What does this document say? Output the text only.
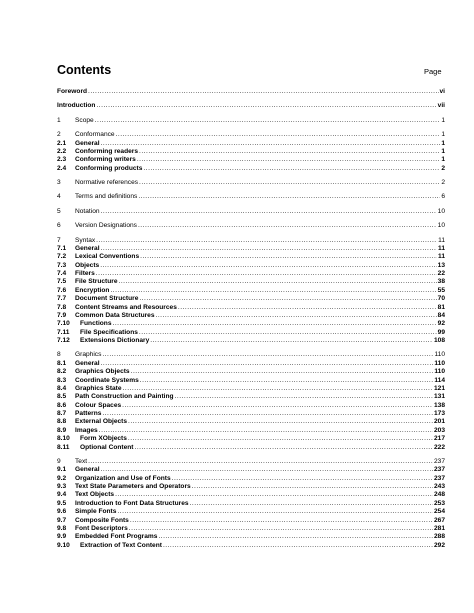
Contents	Page
Foreword .....	vi
Introduction .....	vii
1	Scope .....	1
2	Conformance .....	1
2.1	General .....	1
2.2	Conforming readers .....	1
2.3	Conforming writers .....	1
2.4	Conforming products .....	2
3	Normative references .....	2
4	Terms and definitions .....	6
5	Notation .....	10
6	Version Designations .....	10
7	Syntax .....	11
7.1	General .....	11
7.2	Lexical Conventions .....	11
7.3	Objects .....	13
7.4	Filters .....	22
7.5	File Structure .....	38
7.6	Encryption .....	55
7.7	Document Structure .....	70
7.8	Content Streams and Resources .....	81
7.9	Common Data Structures .....	84
7.10	Functions .....	92
7.11	File Specifications .....	99
7.12	Extensions Dictionary .....	108
8	Graphics .....	110
8.1	General .....	110
8.2	Graphics Objects .....	110
8.3	Coordinate Systems .....	114
8.4	Graphics State .....	121
8.5	Path Construction and Painting .....	131
8.6	Colour Spaces .....	138
8.7	Patterns .....	173
8.8	External Objects .....	201
8.9	Images .....	203
8.10	Form XObjects .....	217
8.11	Optional Content .....	222
9	Text .....	237
9.1	General .....	237
9.2	Organization and Use of Fonts .....	237
9.3	Text State Parameters and Operators .....	243
9.4	Text Objects .....	248
9.5	Introduction to Font Data Structures .....	253
9.6	Simple Fonts .....	254
9.7	Composite Fonts .....	267
9.8	Font Descriptors .....	281
9.9	Embedded Font Programs .....	288
9.10	Extraction of Text Content .....	292
